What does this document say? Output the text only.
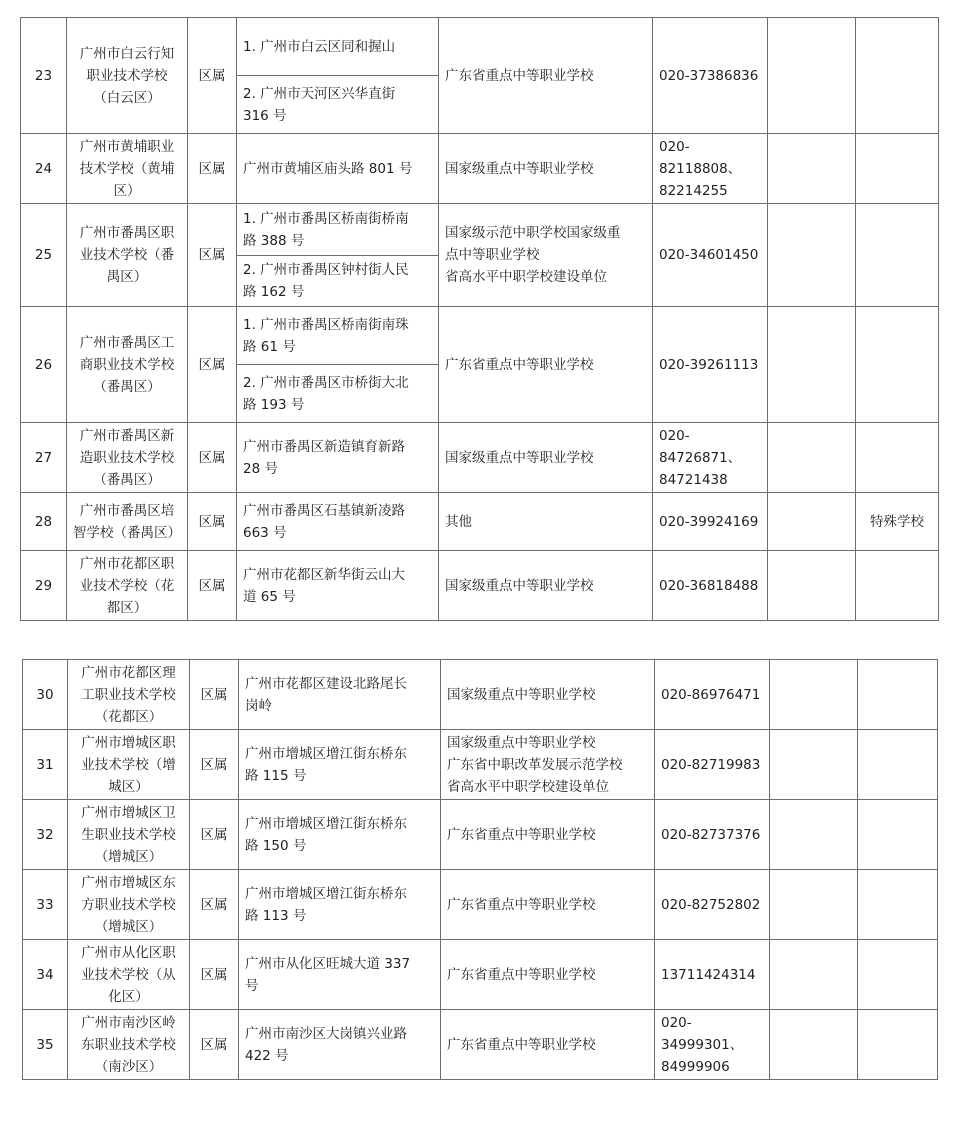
23	广州市白云行知
职业技术学校
（白云区）	区属	1. 广州市白云区同和握山	广东省重点中等职业学校	020-37386836		

			2. 广州市天河区兴华直街
316 号				

24	广州市黄埔职业
技术学校（黄埔
区）	区属	广州市黄埔区庙头路 801 号	国家级重点中等职业学校	020-82118808、
82214255		

25	广州市番禺区职
业技术学校（番
禺区）	区属	1. 广州市番禺区桥南街桥南
路 388 号	国家级示范中职学校国家级重
点中等职业学校
省高水平中职学校建设单位	020-34601450		

			2. 广州市番禺区钟村街人民
路 162 号				

26	广州市番禺区工
商职业技术学校
（番禺区）	区属	1. 广州市番禺区桥南街南珠
路 61 号	广东省重点中等职业学校	020-39261113		

			2. 广州市番禺区市桥街大北
路 193 号				

27	广州市番禺区新
造职业技术学校
（番禺区）	区属	广州市番禺区新造镇育新路
28 号	国家级重点中等职业学校	020-84726871、
84721438		

28	广州市番禺区培
智学校（番禺区）	区属	广州市番禺区石基镇新凌路
663 号	其他	020-39924169		特殊学校

29	广州市花都区职
业技术学校（花
都区）	区属	广州市花都区新华街云山大
道 65 号	国家级重点中等职业学校	020-36818488		

30	广州市花都区理
工职业技术学校
（花都区）	区属	广州市花都区建设北路尾长
岗岭	国家级重点中等职业学校	020-86976471		

31	广州市增城区职
业技术学校（增
城区）	区属	广州市增城区增江街东桥东
路 115 号	国家级重点中等职业学校
广东省中职改革发展示范学校
省高水平中职学校建设单位	020-82719983		

32	广州市增城区卫
生职业技术学校
（增城区）	区属	广州市增城区增江街东桥东
路 150 号	广东省重点中等职业学校	020-82737376		

33	广州市增城区东
方职业技术学校
（增城区）	区属	广州市增城区增江街东桥东
路 113 号	广东省重点中等职业学校	020-82752802		

34	广州市从化区职
业技术学校（从
化区）	区属	广州市从化区旺城大道 337
号	广东省重点中等职业学校	13711424314		

35	广州市南沙区岭
东职业技术学校
（南沙区）	区属	广州市南沙区大岗镇兴业路
422 号	广东省重点中等职业学校	020-34999301、
84999906		
